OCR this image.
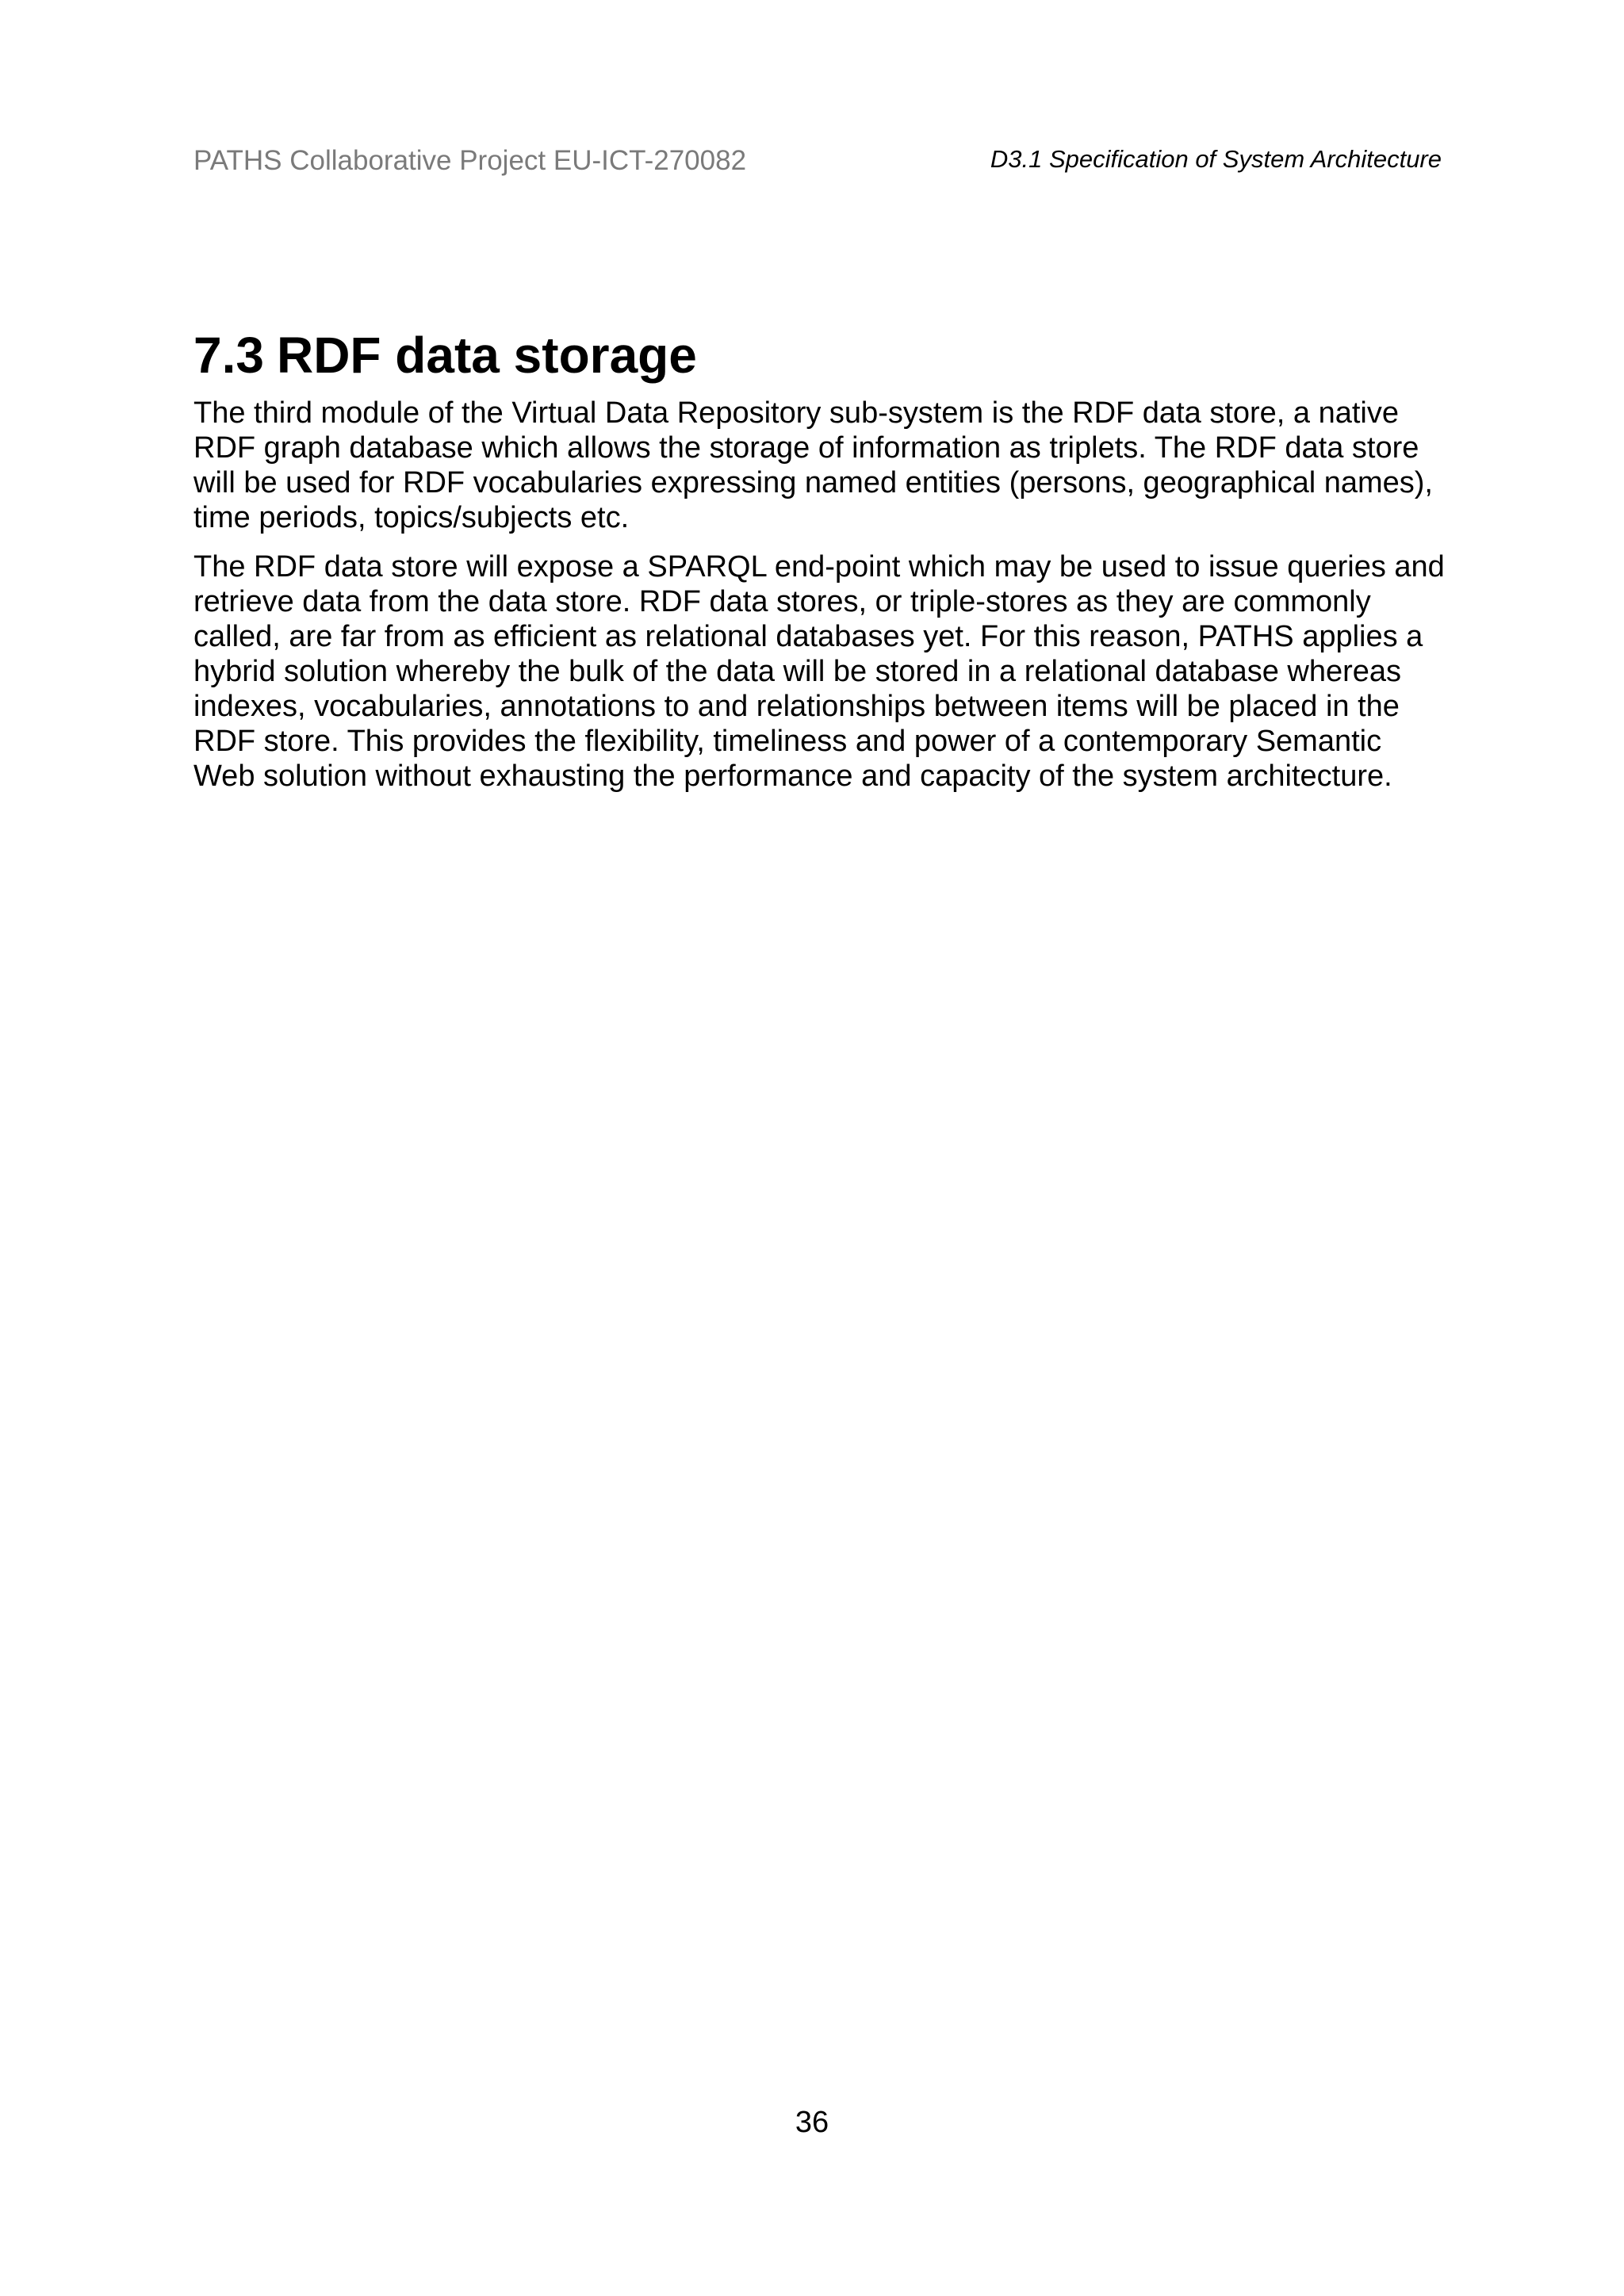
PATHS Collaborative Project EU-ICT-270082	D3.1 Specification of System Architecture
7.3 RDF data storage

The third module of the Virtual Data Repository sub-system is the RDF data store, a native RDF graph database which allows the storage of information as triplets. The RDF data store will be used for RDF vocabularies expressing named entities (persons, geographical names), time periods, topics/subjects etc.

The RDF data store will expose a SPARQL end-point which may be used to issue queries and retrieve data from the data store. RDF data stores, or triple-stores as they are commonly called, are far from as efficient as relational databases yet. For this reason, PATHS applies a hybrid solution whereby the bulk of the data will be stored in a relational database whereas indexes, vocabularies, annotations to and relationships between items will be placed in the RDF store. This provides the flexibility, timeliness and power of a contemporary Semantic Web solution without exhausting the performance and capacity of the system architecture.

36
